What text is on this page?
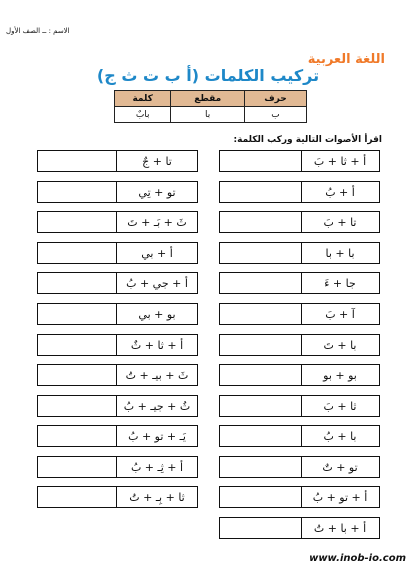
الاسم : ــ الصف الأول
اللغة العربية
تركيب الكلمات (أ ب ت ث ج)
كلمة	مقطع	حرف
بابٌ	با	ب
اقرأ الأصوات التالية وركب الكلمة:
أ + ثا + بَ
أ + بُ
تا + بَ
با + با
جا + ءَ
آ + بَ
با + تَ
بو + بو
ثا + بَ
با + بُ
تو + تٌ
أ + تو + بُ
أ + با + تُ
تا + جٌ
تو + تِي
ثَ + بَـ + تَ
أ + بي
أ + جي + بُ
بو + بي
أ + ثا + ثٌ
ثَ + بيـ + تُ
ثُ + جيـ + بُ
يَـ + تو + بُ
أ + ثِـ + بُ
ثا + بِـ + تُ
www.inob-io.com
